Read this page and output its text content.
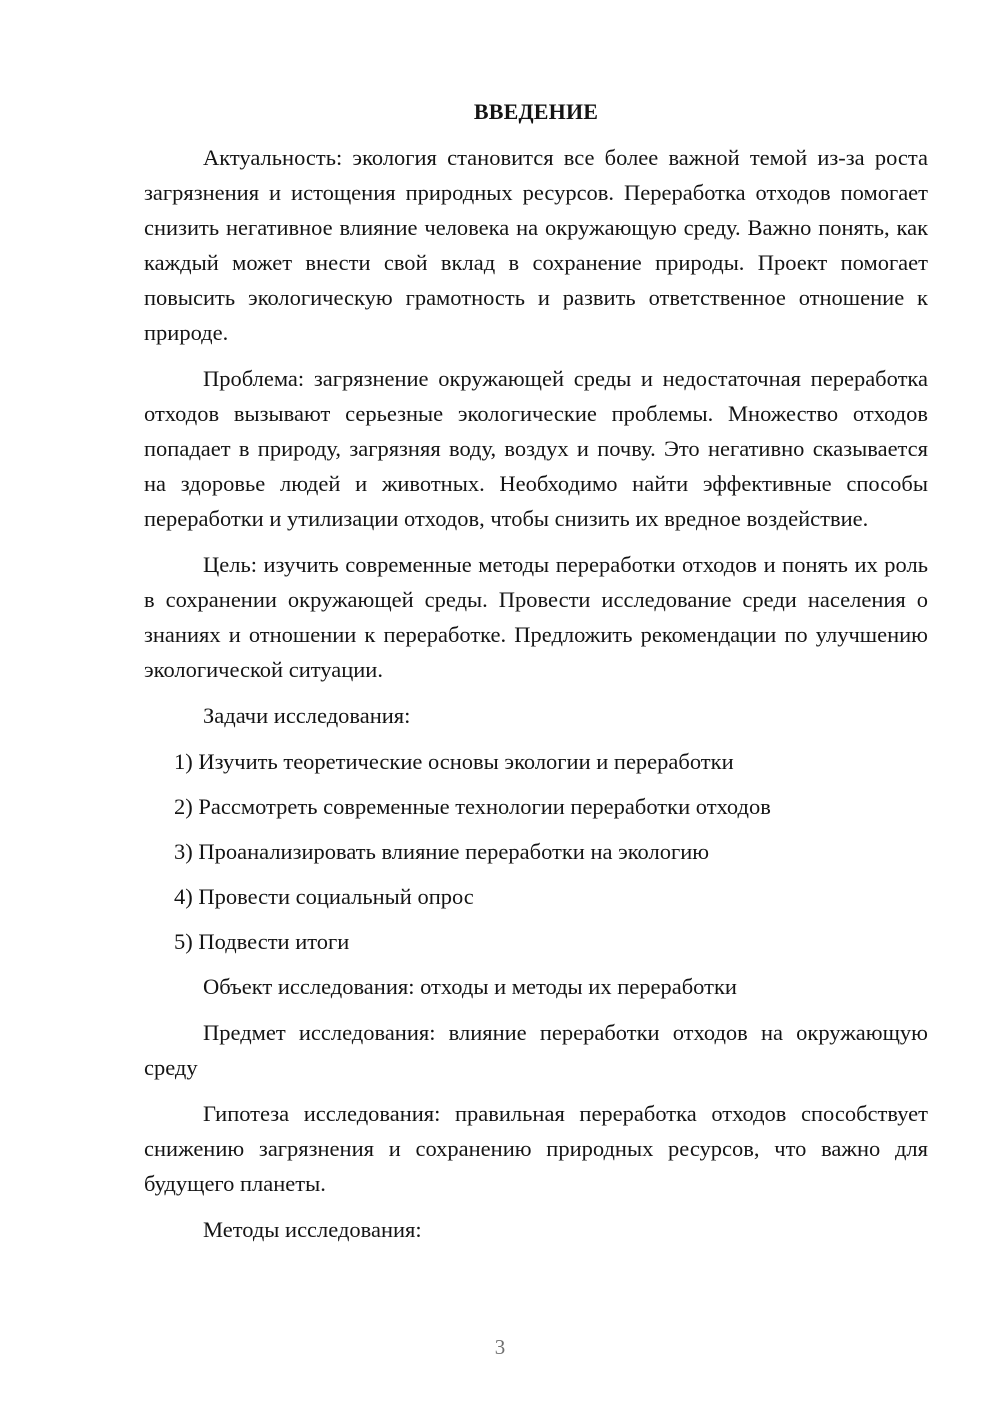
ВВЕДЕНИЕ

Актуальность: экология становится все более важной темой из-за роста загрязнения и истощения природных ресурсов. Переработка отходов помогает снизить негативное влияние человека на окружающую среду. Важно понять, как каждый может внести свой вклад в сохранение природы. Проект помогает повысить экологическую грамотность и развить ответственное отношение к природе.

Проблема: загрязнение окружающей среды и недостаточная переработка отходов вызывают серьезные экологические проблемы. Множество отходов попадает в природу, загрязняя воду, воздух и почву. Это негативно сказывается на здоровье людей и животных. Необходимо найти эффективные способы переработки и утилизации отходов, чтобы снизить их вредное воздействие.

Цель: изучить современные методы переработки отходов и понять их роль в сохранении окружающей среды. Провести исследование среди населения о знаниях и отношении к переработке. Предложить рекомендации по улучшению экологической ситуации.

Задачи исследования:

1) Изучить теоретические основы экологии и переработки
2) Рассмотреть современные технологии переработки отходов
3) Проанализировать влияние переработки на экологию
4) Провести социальный опрос
5) Подвести итоги

Объект исследования: отходы и методы их переработки

Предмет исследования: влияние переработки отходов на окружающую среду

Гипотеза исследования: правильная переработка отходов способствует снижению загрязнения и сохранению природных ресурсов, что важно для будущего планеты.

Методы исследования:

3
